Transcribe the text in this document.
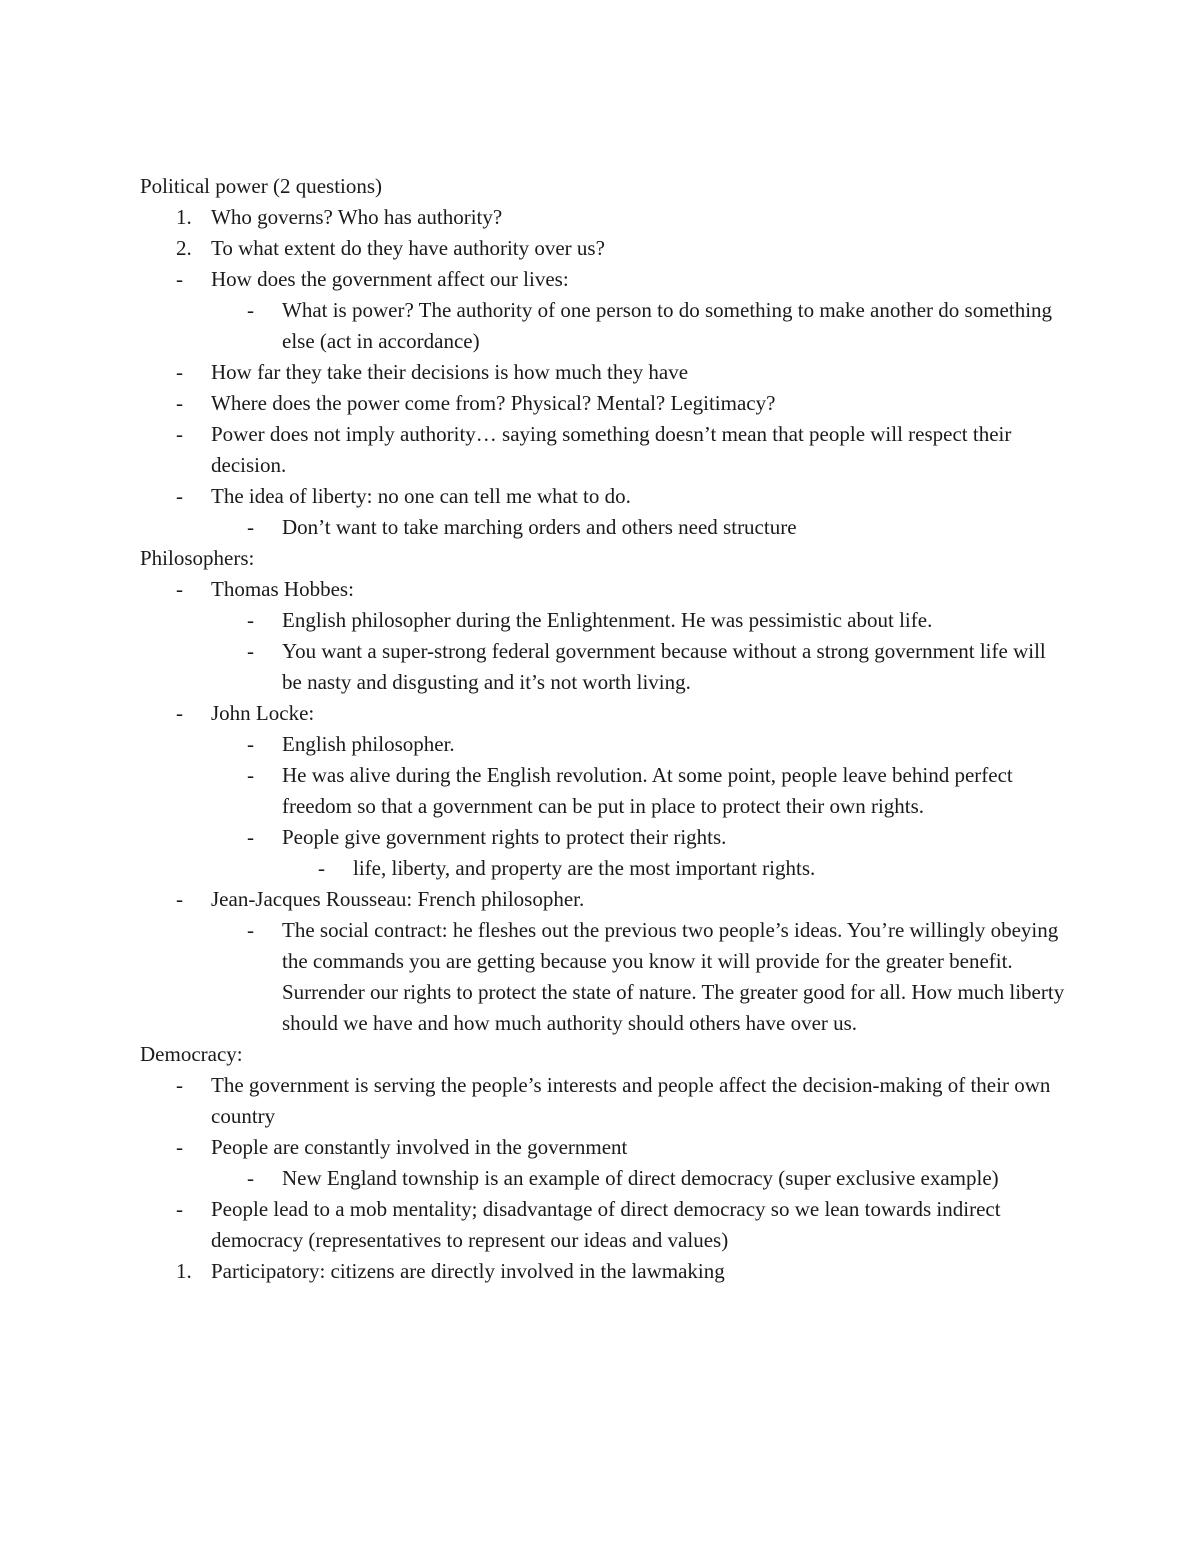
Political power (2 questions)
1. Who governs? Who has authority?
2. To what extent do they have authority over us?
-	How does the government affect our lives:
-	What is power? The authority of one person to do something to make another do something else (act in accordance)
-	How far they take their decisions is how much they have
-	Where does the power come from? Physical? Mental? Legitimacy?
-	Power does not imply authority… saying something doesn’t mean that people will respect their decision.
-	The idea of liberty: no one can tell me what to do.
-	Don’t want to take marching orders and others need structure
Philosophers:
-	Thomas Hobbes:
-	English philosopher during the Enlightenment. He was pessimistic about life.
-	You want a super-strong federal government because without a strong government life will be nasty and disgusting and it’s not worth living.
-	John Locke:
-	English philosopher.
-	He was alive during the English revolution. At some point, people leave behind perfect freedom so that a government can be put in place to protect their own rights.
-	People give government rights to protect their rights.
-	life, liberty, and property are the most important rights.
-	Jean-Jacques Rousseau: French philosopher.
-	The social contract: he fleshes out the previous two people’s ideas. You’re willingly obeying the commands you are getting because you know it will provide for the greater benefit. Surrender our rights to protect the state of nature. The greater good for all. How much liberty should we have and how much authority should others have over us.
Democracy:
-	The government is serving the people’s interests and people affect the decision-making of their own country
-	People are constantly involved in the government
-	New England township is an example of direct democracy (super exclusive example)
-	People lead to a mob mentality; disadvantage of direct democracy so we lean towards indirect democracy (representatives to represent our ideas and values)
1. Participatory: citizens are directly involved in the lawmaking
